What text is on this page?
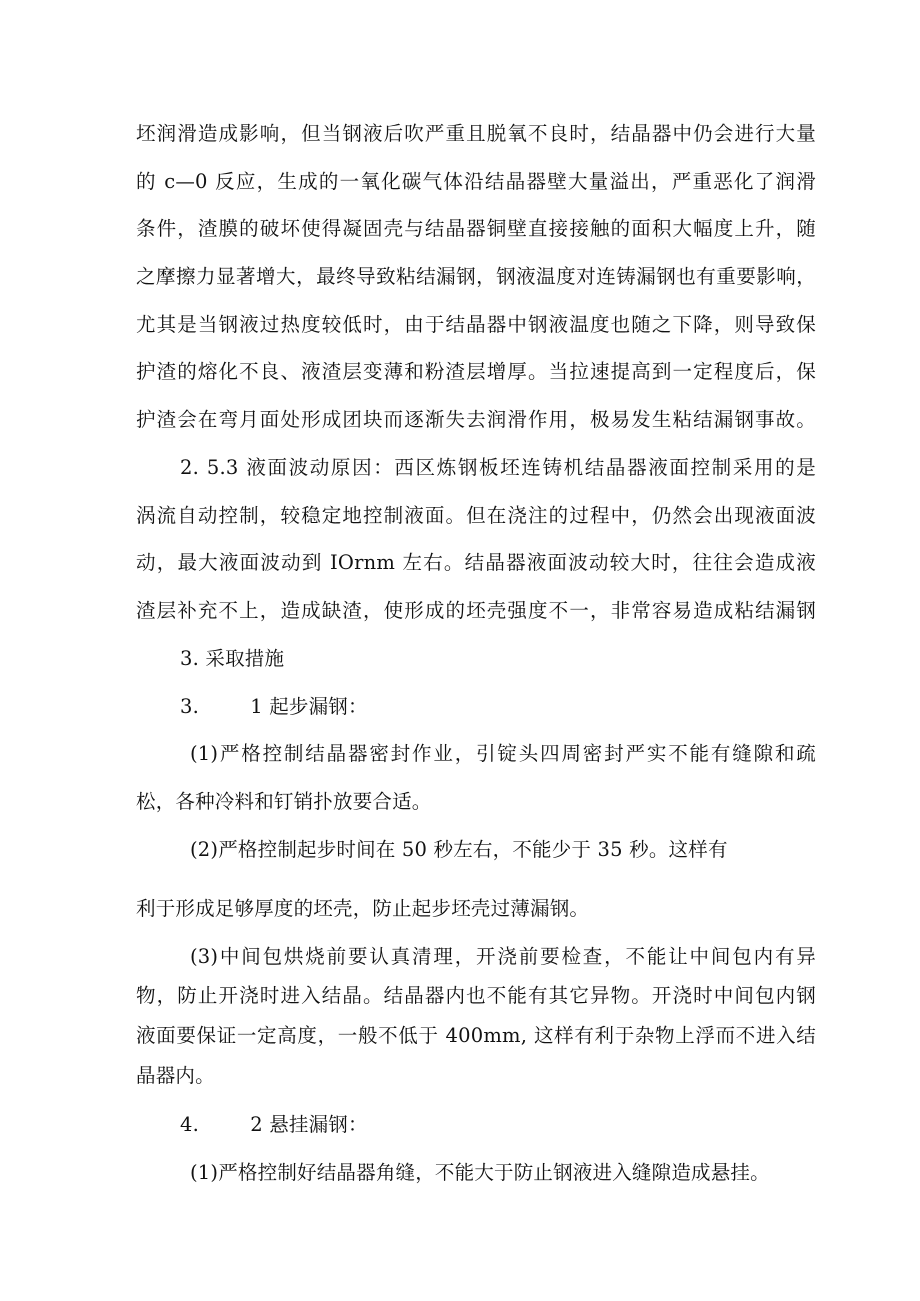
坯润滑造成影响，但当钢液后吹严重且脱氧不良时，结晶器中仍会进行大量
的 c—0 反应，生成的一氧化碳气体沿结晶器壁大量溢出，严重恶化了润滑
条件，渣膜的破坏使得凝固壳与结晶器铜壁直接接触的面积大幅度上升，随
之摩擦力显著增大，最终导致粘结漏钢，钢液温度对连铸漏钢也有重要影响，
尤其是当钢液过热度较低时，由于结晶器中钢液温度也随之下降，则导致保
护渣的熔化不良、液渣层变薄和粉渣层增厚。当拉速提高到一定程度后，保
护渣会在弯月面处形成团块而逐渐失去润滑作用，极易发生粘结漏钢事故。
2. 5.3 液面波动原因：西区炼钢板坯连铸机结晶器液面控制采用的是
涡流自动控制，较稳定地控制液面。但在浇注的过程中，仍然会出现液面波
动，最大液面波动到 IOrnm 左右。结晶器液面波动较大时，往往会造成液
渣层补充不上，造成缺渣，使形成的坯壳强度不一，非常容易造成粘结漏钢
3. 采取措施
3.        1 起步漏钢：
(1)严格控制结晶器密封作业，引锭头四周密封严实不能有缝隙和疏
松，各种冷料和钉销扑放要合适。
(2)严格控制起步时间在 50 秒左右，不能少于 35 秒。这样有
利于形成足够厚度的坯壳，防止起步坯壳过薄漏钢。
(3)中间包烘烧前要认真清理，开浇前要检查，不能让中间包内有异
物，防止开浇时进入结晶。结晶器内也不能有其它异物。开浇时中间包内钢
液面要保证一定高度，一般不低于 400mm, 这样有利于杂物上浮而不进入结
晶器内。
4.        2 悬挂漏钢：
(1)严格控制好结晶器角缝，不能大于防止钢液进入缝隙造成悬挂。
